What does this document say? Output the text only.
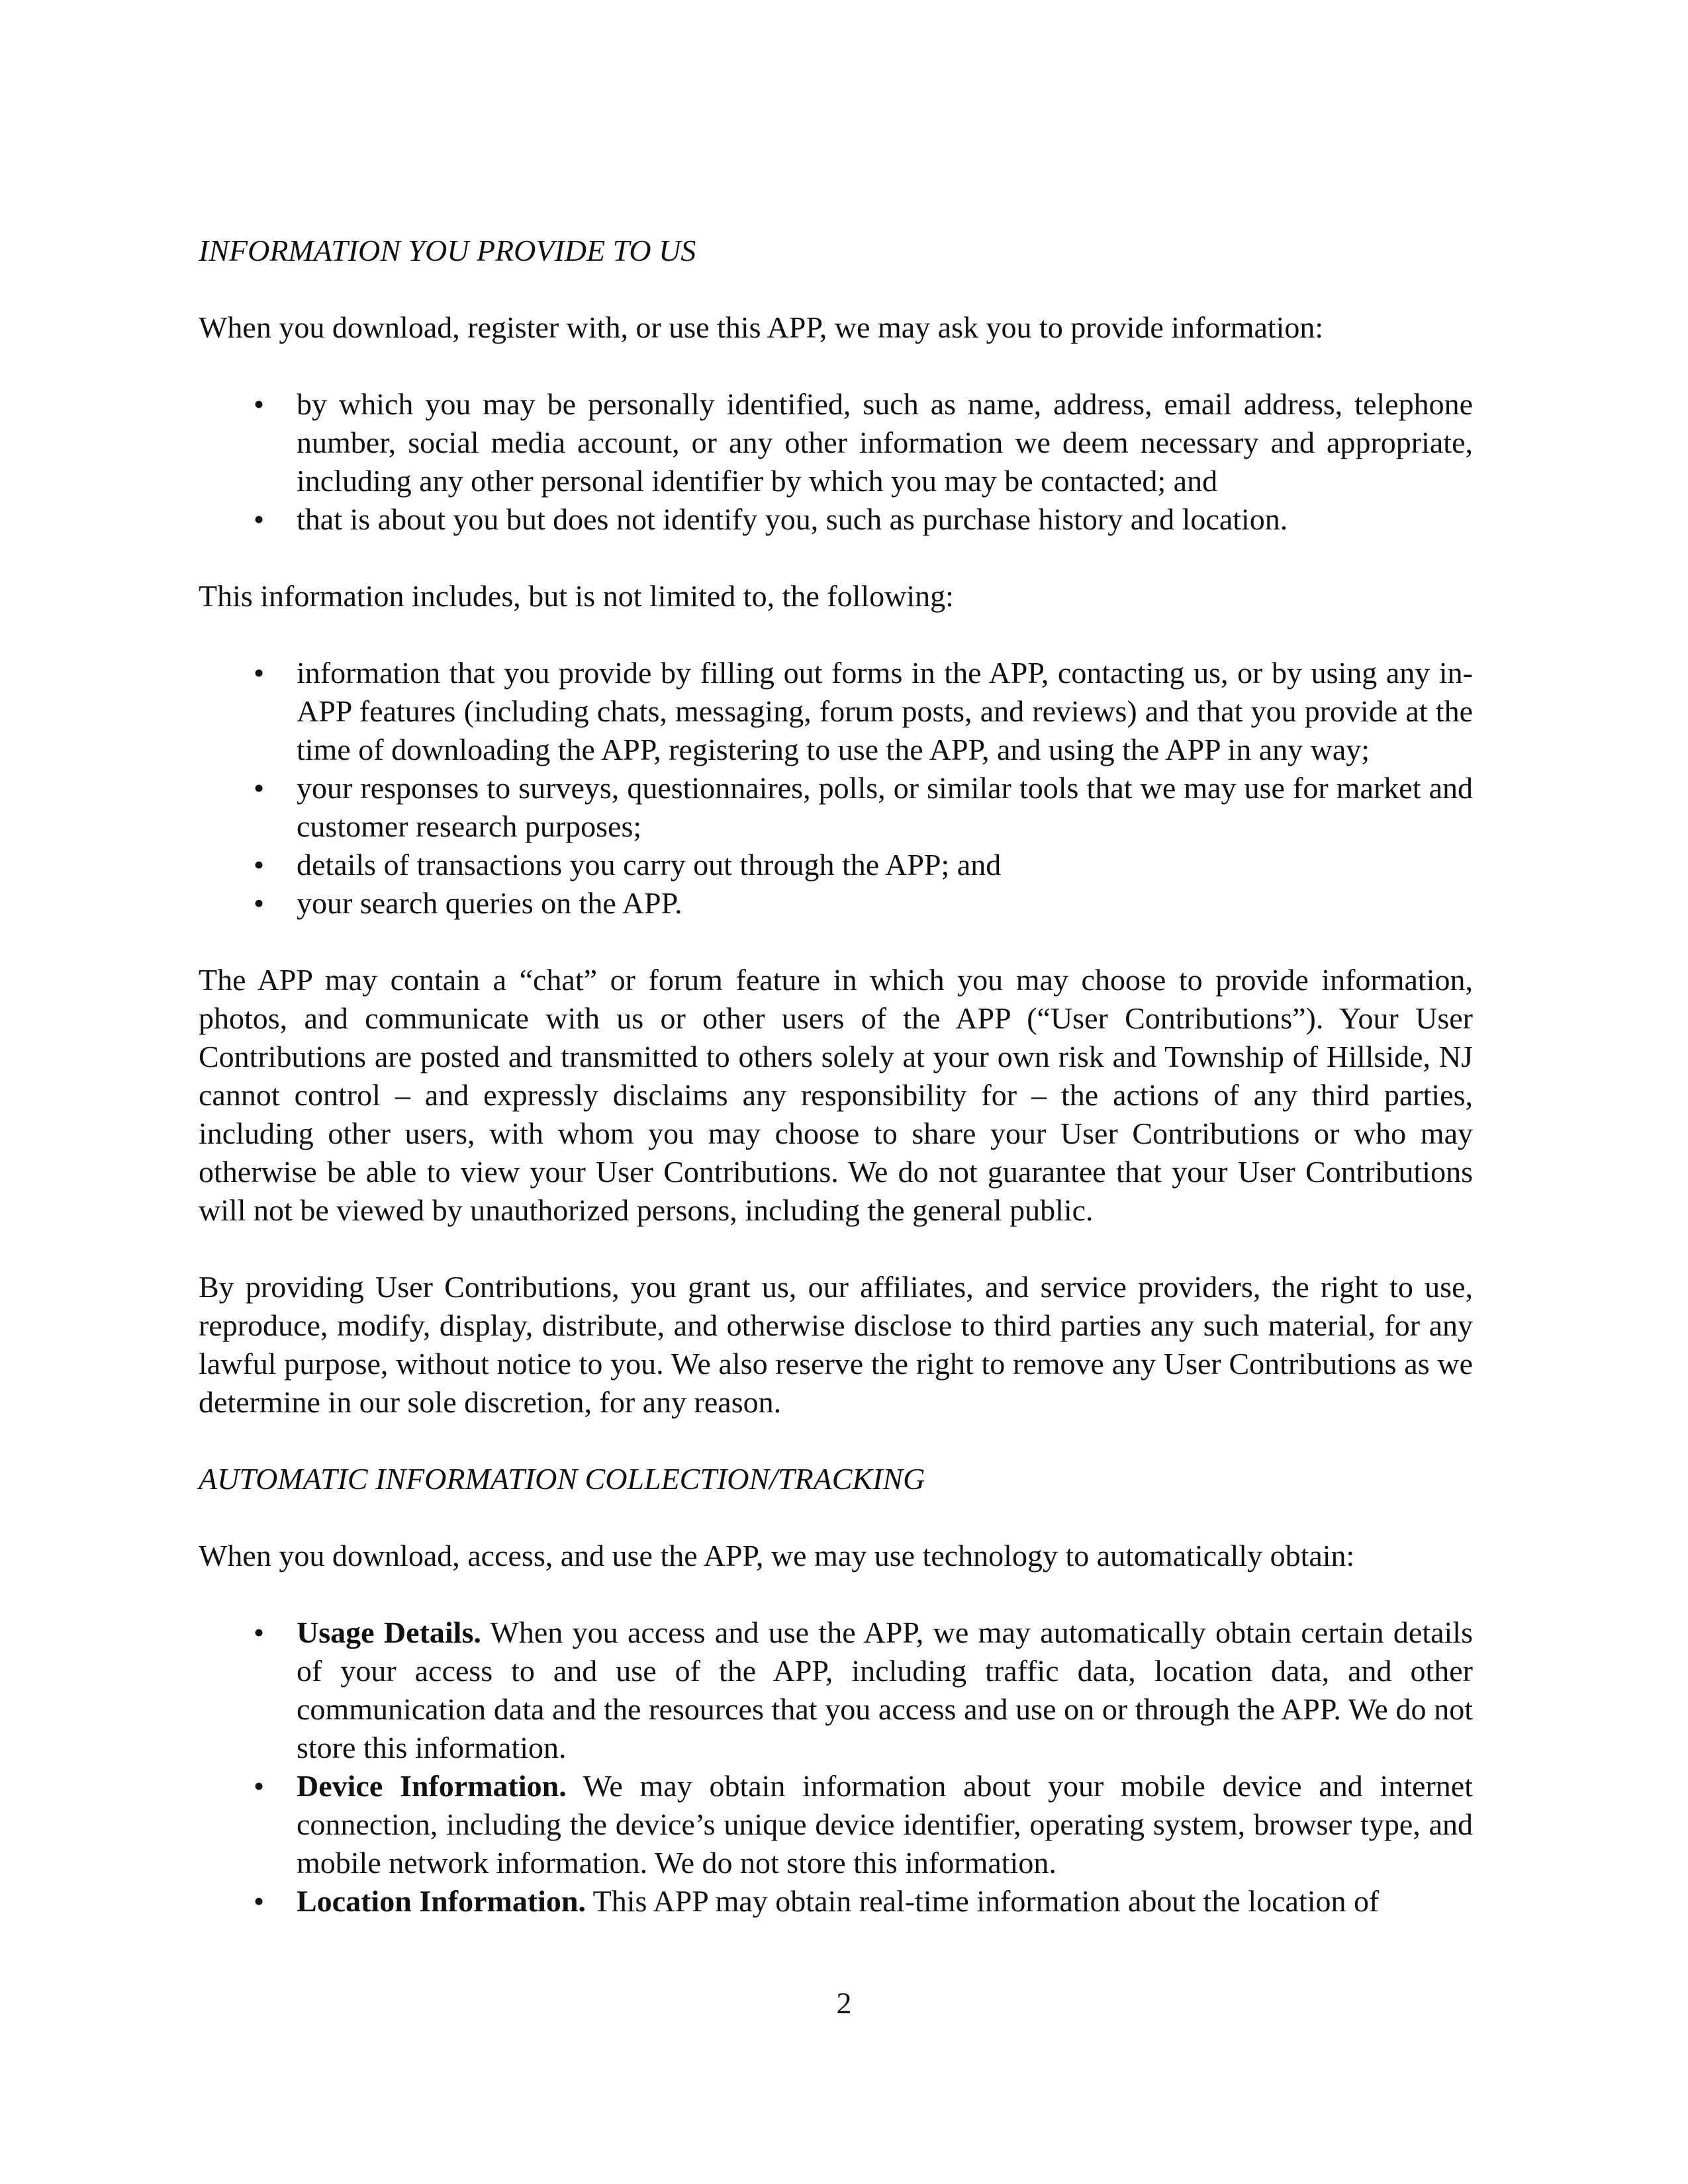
INFORMATION YOU PROVIDE TO US

When you download, register with, or use this APP, we may ask you to provide information:

• by which you may be personally identified, such as name, address, email address, telephone number, social media account, or any other information we deem necessary and appropriate, including any other personal identifier by which you may be contacted; and
• that is about you but does not identify you, such as purchase history and location.

This information includes, but is not limited to, the following:

• information that you provide by filling out forms in the APP, contacting us, or by using any in-APP features (including chats, messaging, forum posts, and reviews) and that you provide at the time of downloading the APP, registering to use the APP, and using the APP in any way;
• your responses to surveys, questionnaires, polls, or similar tools that we may use for market and customer research purposes;
• details of transactions you carry out through the APP; and
• your search queries on the APP.

The APP may contain a “chat” or forum feature in which you may choose to provide information, photos, and communicate with us or other users of the APP (“User Contributions”). Your User Contributions are posted and transmitted to others solely at your own risk and Township of Hillside, NJ cannot control – and expressly disclaims any responsibility for – the actions of any third parties, including other users, with whom you may choose to share your User Contributions or who may otherwise be able to view your User Contributions. We do not guarantee that your User Contributions will not be viewed by unauthorized persons, including the general public.

By providing User Contributions, you grant us, our affiliates, and service providers, the right to use, reproduce, modify, display, distribute, and otherwise disclose to third parties any such material, for any lawful purpose, without notice to you. We also reserve the right to remove any User Contributions as we determine in our sole discretion, for any reason.

AUTOMATIC INFORMATION COLLECTION/TRACKING

When you download, access, and use the APP, we may use technology to automatically obtain:

• Usage Details. When you access and use the APP, we may automatically obtain certain details of your access to and use of the APP, including traffic data, location data, and other communication data and the resources that you access and use on or through the APP. We do not store this information.
• Device Information. We may obtain information about your mobile device and internet connection, including the device’s unique device identifier, operating system, browser type, and mobile network information. We do not store this information.
• Location Information. This APP may obtain real-time information about the location of
2
